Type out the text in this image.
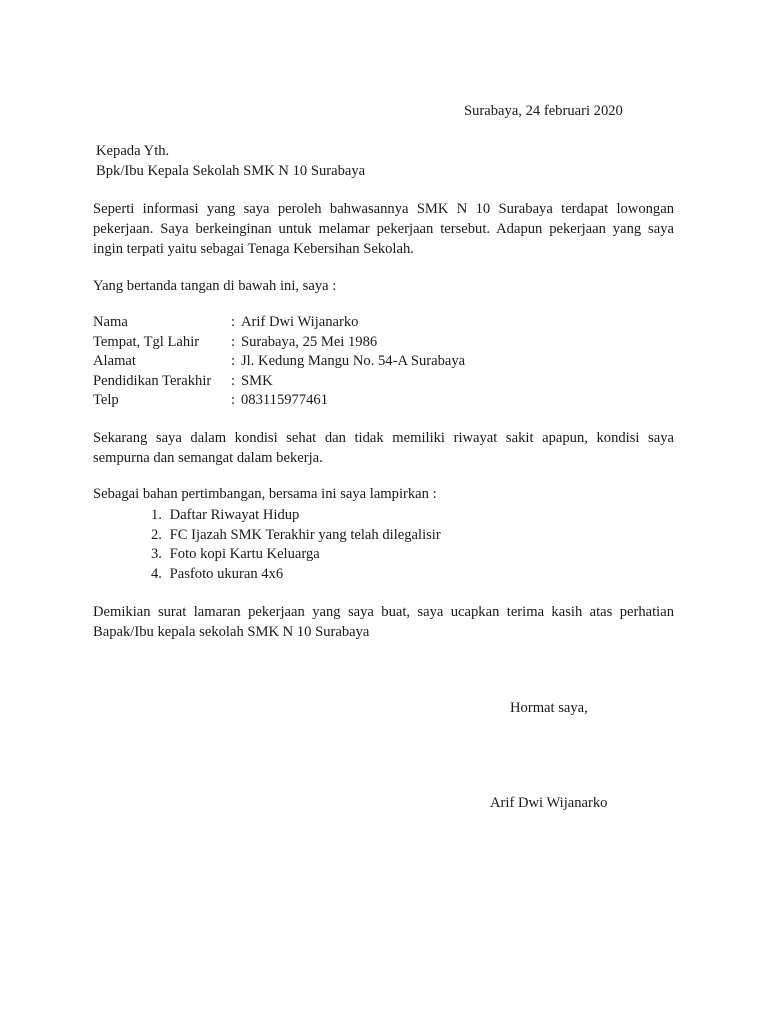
Surabaya, 24 februari 2020
Kepada Yth.
Bpk/Ibu Kepala Sekolah SMK N 10 Surabaya
Seperti informasi yang saya peroleh bahwasannya SMK N 10 Surabaya terdapat lowongan pekerjaan. Saya berkeinginan untuk melamar pekerjaan tersebut. Adapun pekerjaan yang saya ingin terpati yaitu sebagai Tenaga Kebersihan Sekolah.
Yang bertanda tangan di bawah ini, saya :
Nama	: Arif Dwi Wijanarko
Tempat, Tgl Lahir : Surabaya, 25 Mei 1986
Alamat	: Jl. Kedung Mangu No. 54-A Surabaya
Pendidikan Terakhir : SMK
Telp	: 083115977461
Sekarang saya dalam kondisi sehat dan tidak memiliki riwayat sakit apapun, kondisi saya sempurna dan semangat dalam bekerja.
Sebagai bahan pertimbangan, bersama ini saya lampirkan :
1. Daftar Riwayat Hidup
2. FC Ijazah SMK Terakhir yang telah dilegalisir
3. Foto kopi Kartu Keluarga
4. Pasfoto ukuran 4x6
Demikian surat lamaran pekerjaan yang saya buat, saya ucapkan terima kasih atas perhatian Bapak/Ibu kepala sekolah SMK N 10 Surabaya
Hormat saya,
Arif Dwi Wijanarko
